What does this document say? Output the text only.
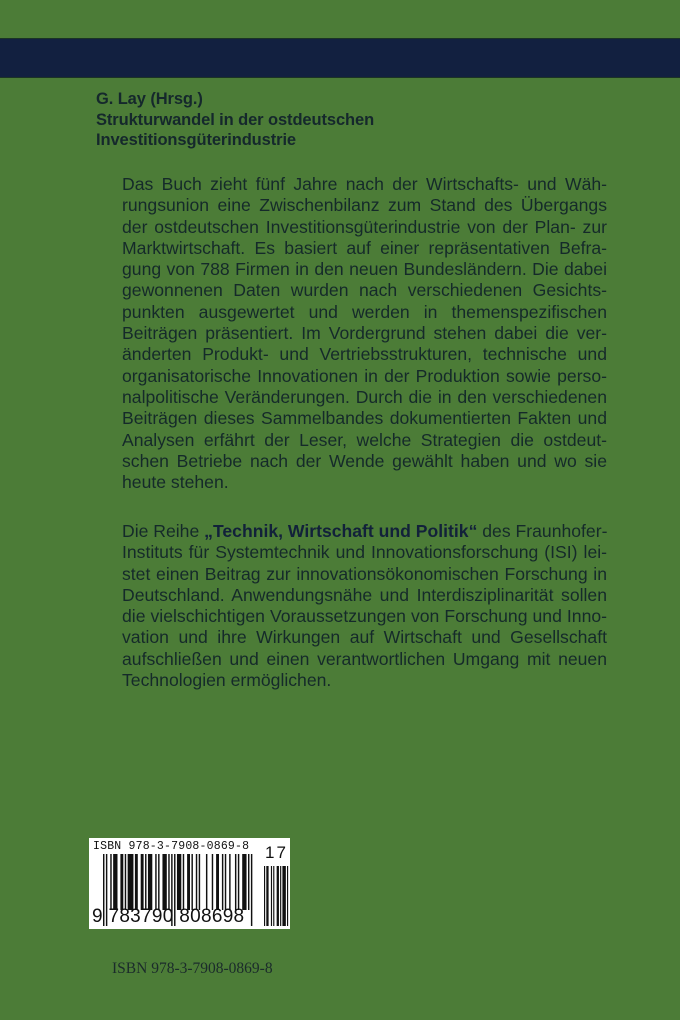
G. Lay (Hrsg.)
Strukturwandel in der ostdeutschen
Investitionsgüterindustrie
Das Buch zieht fünf Jahre nach der Wirtschafts- und Wäh-
rungsunion eine Zwischenbilanz zum Stand des Übergangs
der ostdeutschen Investitionsgüterindustrie von der Plan- zur
Marktwirtschaft. Es basiert auf einer repräsentativen Befra-
gung von 788 Firmen in den neuen Bundesländern. Die dabei
gewonnenen Daten wurden nach verschiedenen Gesichts-
punkten ausgewertet und werden in themenspezifischen
Beiträgen präsentiert. Im Vordergrund stehen dabei die ver-
änderten Produkt- und Vertriebsstrukturen, technische und
organisatorische Innovationen in der Produktion sowie perso-
nalpolitische Veränderungen. Durch die in den verschiedenen
Beiträgen dieses Sammelbandes dokumentierten Fakten und
Analysen erfährt der Leser, welche Strategien die ostdeut-
schen Betriebe nach der Wende gewählt haben und wo sie
heute stehen.
Die Reihe „Technik, Wirtschaft und Politik“ des Fraunhofer-
Instituts für Systemtechnik und Innovationsforschung (ISI) lei-
stet einen Beitrag zur innovationsökonomischen Forschung in
Deutschland. Anwendungsnähe und Interdisziplinarität sollen
die vielschichtigen Voraussetzungen von Forschung und Inno-
vation und ihre Wirkungen auf Wirtschaft und Gesellschaft
aufschließen und einen verantwortlichen Umgang mit neuen
Technologien ermöglichen.
ISBN 978-3-7908-0869-8 17
9 783790 808698
ISBN 978-3-7908-0869-8
